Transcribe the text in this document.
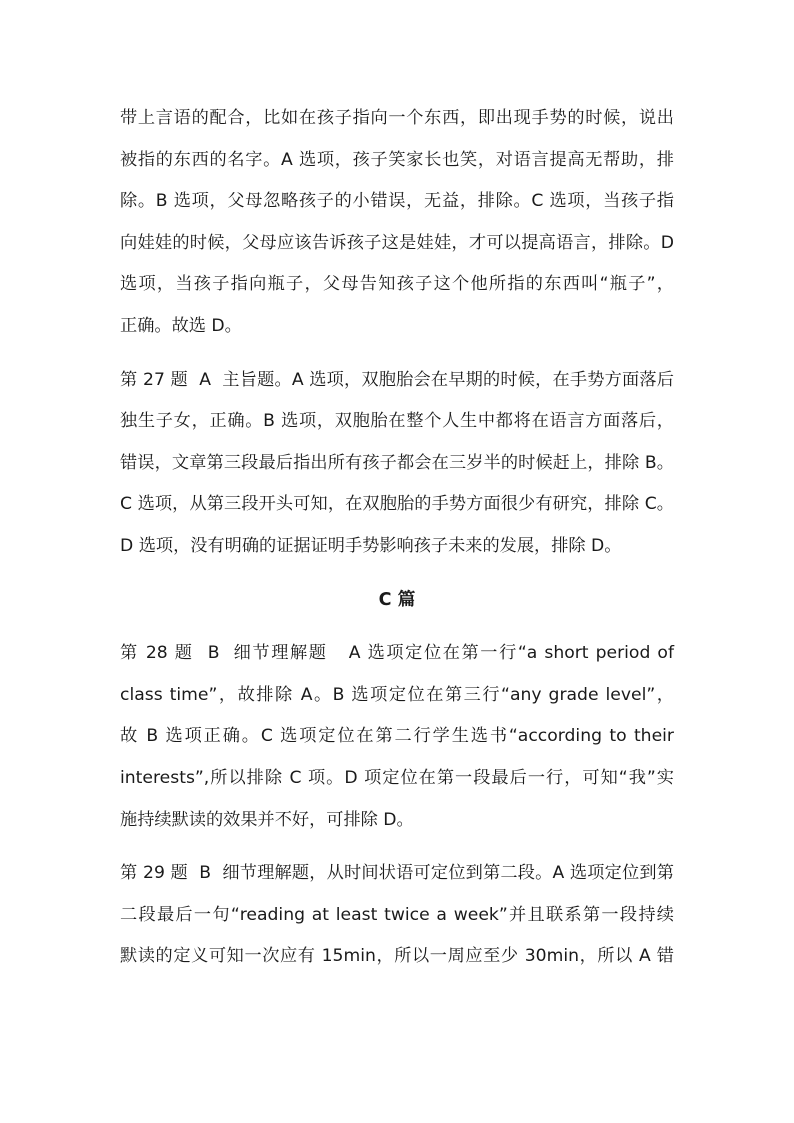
带上言语的配合，比如在孩子指向一个东西，即出现手势的时候，说出
被指的东西的名字。A 选项，孩子笑家长也笑，对语言提高无帮助，排
除。B 选项，父母忽略孩子的小错误，无益，排除。C 选项，当孩子指
向娃娃的时候，父母应该告诉孩子这是娃娃，才可以提高语言，排除。D
选项，当孩子指向瓶子，父母告知孩子这个他所指的东西叫“瓶子”，
正确。故选 D。
第 27 题  A  主旨题。A 选项，双胞胎会在早期的时候，在手势方面落后
独生子女，正确。B 选项，双胞胎在整个人生中都将在语言方面落后，
错误，文章第三段最后指出所有孩子都会在三岁半的时候赶上，排除 B。
C 选项，从第三段开头可知，在双胞胎的手势方面很少有研究，排除 C。
D 选项，没有明确的证据证明手势影响孩子未来的发展，排除 D。
C 篇
第 28 题  B  细节理解题   A 选项定位在第一行“a short period of
class time”，故排除 A。B 选项定位在第三行“any grade level”，
故 B 选项正确。C 选项定位在第二行学生选书“according to their
interests”,所以排除 C 项。D 项定位在第一段最后一行，可知“我”实
施持续默读的效果并不好，可排除 D。
第 29 题  B  细节理解题，从时间状语可定位到第二段。A 选项定位到第
二段最后一句“reading at least twice a week”并且联系第一段持续
默读的定义可知一次应有 15min，所以一周应至少 30min，所以 A 错
